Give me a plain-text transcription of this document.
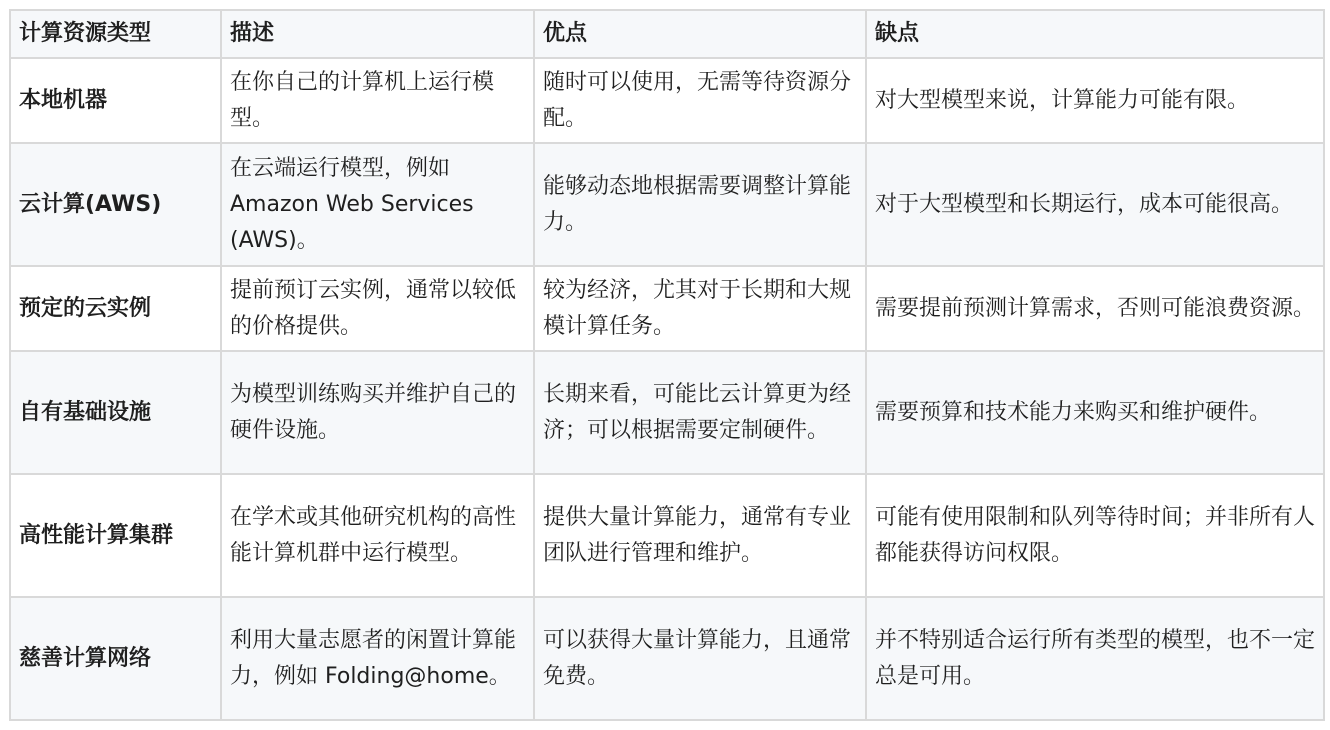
计算资源类型	描述	优点	缺点
本地机器	在你自己的计算机上运行模型。	随时可以使用，无需等待资源分配。	对大型模型来说，计算能力可能有限。
云计算(AWS)	在云端运行模型，例如 Amazon Web Services (AWS)。	能够动态地根据需要调整计算能力。	对于大型模型和长期运行，成本可能很高。
预定的云实例	提前预订云实例，通常以较低的价格提供。	较为经济，尤其对于长期和大规模计算任务。	需要提前预测计算需求，否则可能浪费资源。
自有基础设施	为模型训练购买并维护自己的硬件设施。	长期来看，可能比云计算更为经济；可以根据需要定制硬件。	需要预算和技术能力来购买和维护硬件。
高性能计算集群	在学术或其他研究机构的高性能计算机群中运行模型。	提供大量计算能力，通常有专业团队进行管理和维护。	可能有使用限制和队列等待时间；并非所有人都能获得访问权限。
慈善计算网络	利用大量志愿者的闲置计算能力，例如 Folding@home。	可以获得大量计算能力，且通常免费。	并不特别适合运行所有类型的模型，也不一定总是可用。
